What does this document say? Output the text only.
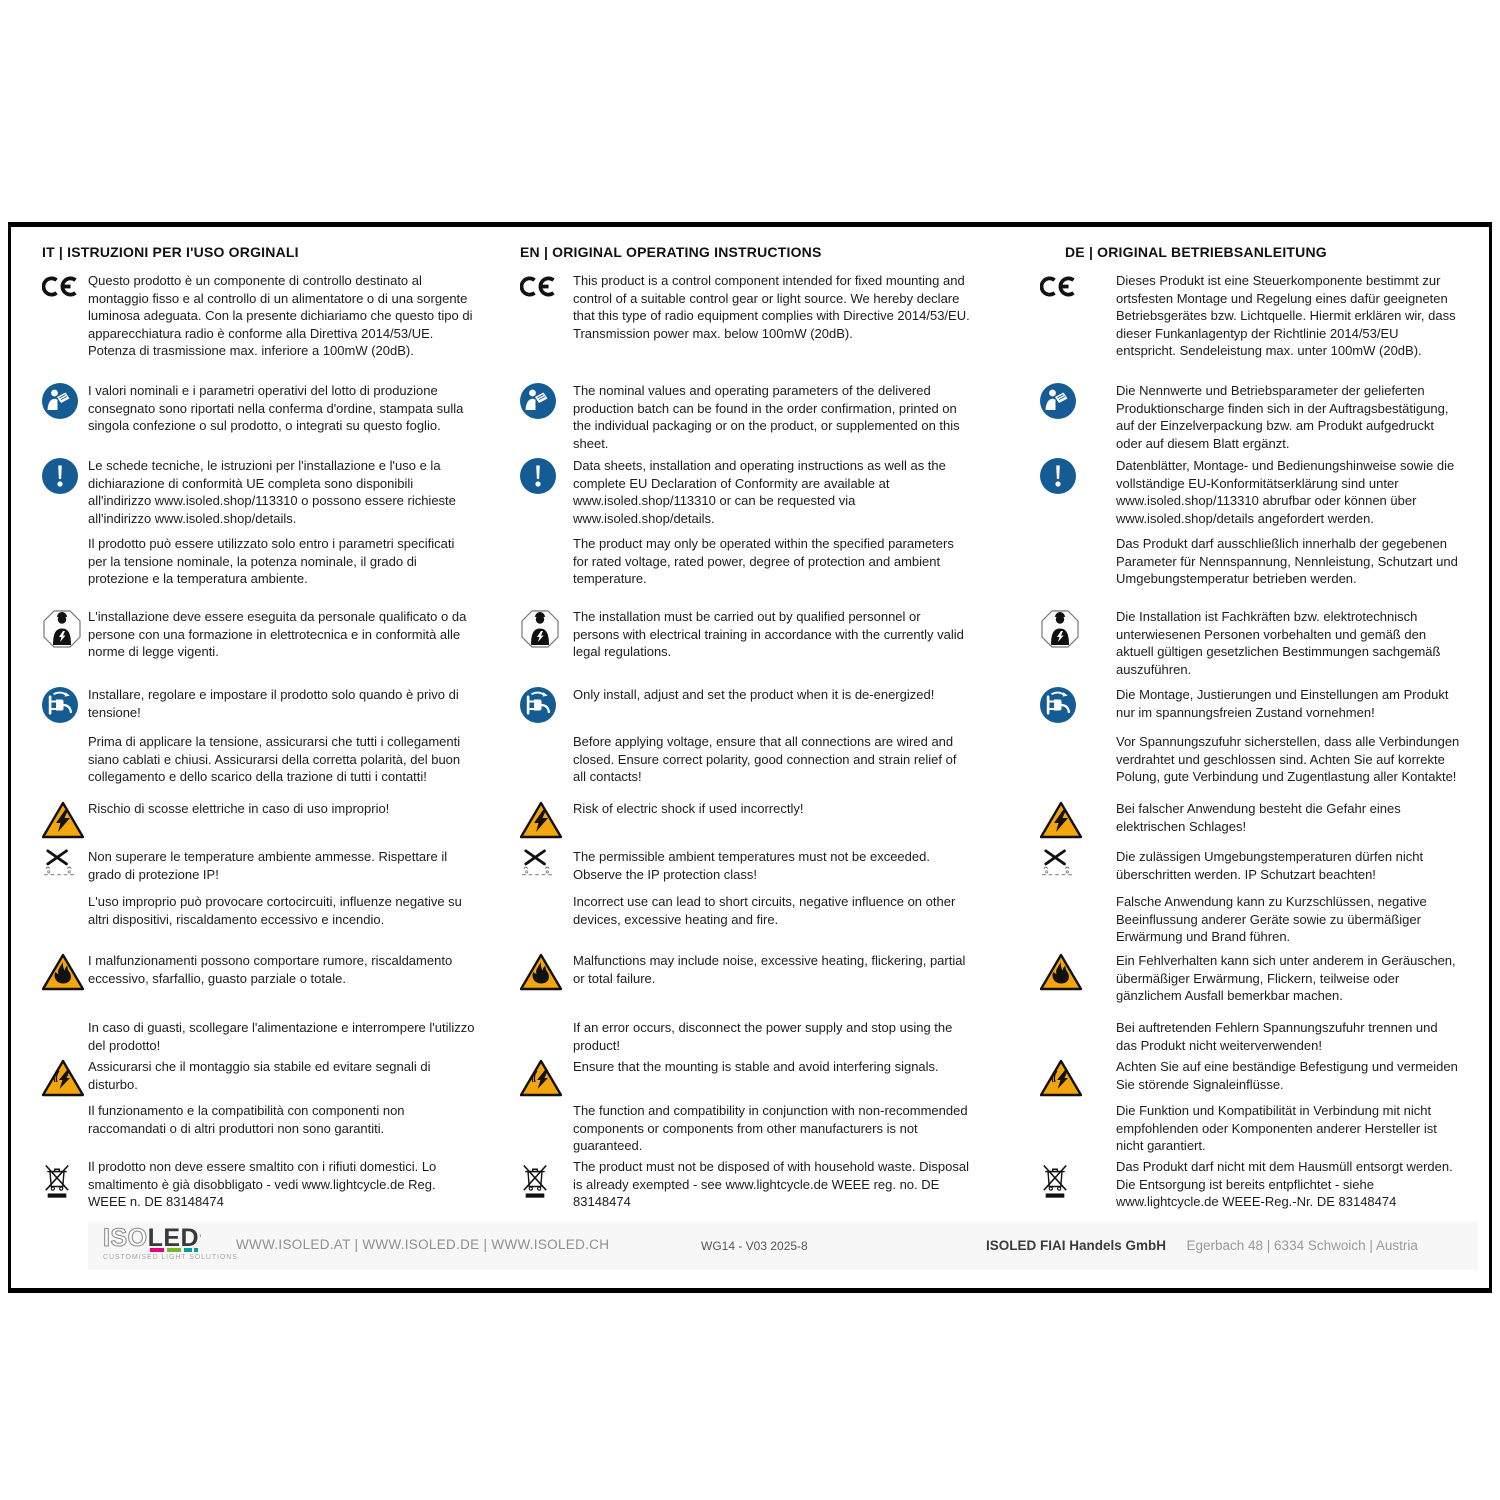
IT | ISTRUZIONI PER I'USO ORGINALI	EN | ORIGINAL OPERATING INSTRUCTIONS	DE | ORIGINAL BETRIEBSANLEITUNG

Questo prodotto è un componente di controllo destinato al montaggio fisso e al controllo di un alimentatore o di una sorgente luminosa adeguata. Con la presente dichiariamo che questo tipo di apparecchiatura radio è conforme alla Direttiva 2014/53/UE. Potenza di trasmissione max. inferiore a 100mW (20dB).

This product is a control component intended for fixed mounting and control of a suitable control gear or light source. We hereby declare that this type of radio equipment complies with Directive 2014/53/EU. Transmission power max. below 100mW (20dB).

Dieses Produkt ist eine Steuerkomponente bestimmt zur ortsfesten Montage und Regelung eines dafür geeigneten Betriebsgerätes bzw. Lichtquelle. Hiermit erklären wir, dass dieser Funkanlagentyp der Richtlinie 2014/53/EU entspricht. Sendeleistung max. unter 100mW (20dB).

I valori nominali e i parametri operativi del lotto di produzione consegnato sono riportati nella conferma d'ordine, stampata sulla singola confezione o sul prodotto, o integrati su questo foglio.

The nominal values and operating parameters of the delivered production batch can be found in the order confirmation, printed on the individual packaging or on the product, or supplemented on this sheet.

Die Nennwerte und Betriebsparameter der gelieferten Produktionscharge finden sich in der Auftragsbestätigung, auf der Einzelverpackung bzw. am Produkt aufgedruckt oder auf diesem Blatt ergänzt.

Le schede tecniche, le istruzioni per l'installazione e l'uso e la dichiarazione di conformità UE completa sono disponibili all'indirizzo www.isoled.shop/113310 o possono essere richieste all'indirizzo www.isoled.shop/details.

Il prodotto può essere utilizzato solo entro i parametri specificati per la tensione nominale, la potenza nominale, il grado di protezione e la temperatura ambiente.

Data sheets, installation and operating instructions as well as the complete EU Declaration of Conformity are available at www.isoled.shop/113310 or can be requested via www.isoled.shop/details.

The product may only be operated within the specified parameters for rated voltage, rated power, degree of protection and ambient temperature.

Datenblätter, Montage- und Bedienungshinweise sowie die vollständige EU-Konformitätserklärung sind unter www.isoled.shop/113310 abrufbar oder können über www.isoled.shop/details angefordert werden.

Das Produkt darf ausschließlich innerhalb der gegebenen Parameter für Nennspannung, Nennleistung, Schutzart und Umgebungstemperatur betrieben werden.

L'installazione deve essere eseguita da personale qualificato o da persone con una formazione in elettrotecnica e in conformità alle norme di legge vigenti.

The installation must be carried out by qualified personnel or persons with electrical training in accordance with the currently valid legal regulations.

Die Installation ist Fachkräften bzw. elektrotechnisch unterwiesenen Personen vorbehalten und gemäß den aktuell gültigen gesetzlichen Bestimmungen sachgemäß auszuführen.

Installare, regolare e impostare il prodotto solo quando è privo di tensione!

Prima di applicare la tensione, assicurarsi che tutti i collegamenti siano cablati e chiusi. Assicurarsi della corretta polarità, del buon collegamento e dello scarico della trazione di tutti i contatti!

Only install, adjust and set the product when it is de-energized!

Before applying voltage, ensure that all connections are wired and closed. Ensure correct polarity, good connection and strain relief of all contacts!

Die Montage, Justierungen und Einstellungen am Produkt nur im spannungsfreien Zustand vornehmen!

Vor Spannungszufuhr sicherstellen, dass alle Verbindungen verdrahtet und geschlossen sind. Achten Sie auf korrekte Polung, gute Verbindung und Zugentlastung aller Kontakte!

Rischio di scosse elettriche in caso di uso improprio!	Risk of electric shock if used incorrectly!	Bei falscher Anwendung besteht die Gefahr eines elektrischen Schlages!

Non superare le temperature ambiente ammesse. Rispettare il grado di protezione IP!

L'uso improprio può provocare cortocircuiti, influenze negative su altri dispositivi, riscaldamento eccessivo e incendio.

The permissible ambient temperatures must not be exceeded. Observe the IP protection class!

Incorrect use can lead to short circuits, negative influence on other devices, excessive heating and fire.

Die zulässigen Umgebungstemperaturen dürfen nicht überschritten werden. IP Schutzart beachten!

Falsche Anwendung kann zu Kurzschlüssen, negative Beeinflussung anderer Geräte sowie zu übermäßiger Erwärmung und Brand führen.

I malfunzionamenti possono comportare rumore, riscaldamento eccessivo, sfarfallio, guasto parziale o totale.

In caso di guasti, scollegare l'alimentazione e interrompere l'utilizzo del prodotto!

Malfunctions may include noise, excessive heating, flickering, partial or total failure.

If an error occurs, disconnect the power supply and stop using the product!

Ein Fehlverhalten kann sich unter anderem in Geräuschen, übermäßiger Erwärmung, Flickern, teilweise oder gänzlichem Ausfall bemerkbar machen.

Bei auftretenden Fehlern Spannungszufuhr trennen und das Produkt nicht weiterverwenden!

Assicurarsi che il montaggio sia stabile ed evitare segnali di disturbo.

Il funzionamento e la compatibilità con componenti non raccomandati o di altri produttori non sono garantiti.

Ensure that the mounting is stable and avoid interfering signals.

The function and compatibility in conjunction with non-recommended components or components from other manufacturers is not guaranteed.

Achten Sie auf eine beständige Befestigung und vermeiden Sie störende Signaleinflüsse.

Die Funktion und Kompatibilität in Verbindung mit nicht empfohlenden oder Komponenten anderer Hersteller ist nicht garantiert.

Il prodotto non deve essere smaltito con i rifiuti domestici. Lo smaltimento è già disobbligato - vedi www.lightcycle.de Reg. WEEE n. DE 83148474

The product must not be disposed of with household waste. Disposal is already exempted - see www.lightcycle.de WEEE reg. no. DE 83148474

Das Produkt darf nicht mit dem Hausmüll entsorgt werden. Die Entsorgung ist bereits entpflichtet - siehe www.lightcycle.de WEEE-Reg.-Nr. DE 83148474

ISOLED’
CUSTOMISED LIGHT SOLUTIONS
WWW.ISOLED.AT | WWW.ISOLED.DE | WWW.ISOLED.CH	WG14 - V03 2025-8	ISOLED FIAI Handels GmbH Egerbach 48 | 6334 Schwoich | Austria
